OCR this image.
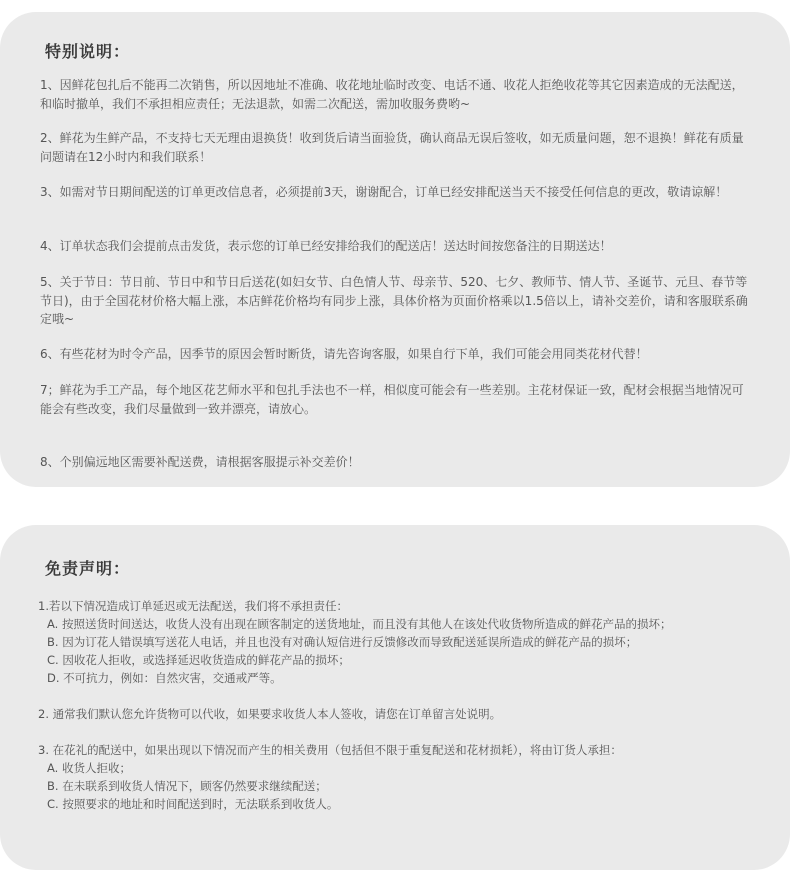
特别说明：

1、因鲜花包扎后不能再二次销售，所以因地址不准确、收花地址临时改变、电话不通、收花人拒绝收花等其它因素造成的无法配送，和临时撤单，我们不承担相应责任；无法退款，如需二次配送，需加收服务费哟~

2、鲜花为生鲜产品，不支持七天无理由退换货！收到货后请当面验货，确认商品无误后签收，如无质量问题，恕不退换！鲜花有质量问题请在12小时内和我们联系！

3、如需对节日期间配送的订单更改信息者，必须提前3天，谢谢配合，订单已经安排配送当天不接受任何信息的更改，敬请谅解！

4、订单状态我们会提前点击发货，表示您的订单已经安排给我们的配送店！送达时间按您备注的日期送达！

5、关于节日：节日前、节日中和节日后送花(如妇女节、白色情人节、母亲节、520、七夕、教师节、情人节、圣诞节、元旦、春节等节日)，由于全国花材价格大幅上涨，本店鲜花价格均有同步上涨，具体价格为页面价格乘以1.5倍以上，请补交差价，请和客服联系确定哦~

6、有些花材为时令产品，因季节的原因会暂时断货，请先咨询客服，如果自行下单，我们可能会用同类花材代替！

7；鲜花为手工产品，每个地区花艺师水平和包扎手法也不一样，相似度可能会有一些差别。主花材保证一致，配材会根据当地情况可能会有些改变，我们尽量做到一致并漂亮，请放心。

8、个别偏远地区需要补配送费，请根据客服提示补交差价！

免责声明：
1.若以下情况造成订单延迟或无法配送，我们将不承担责任：
A. 按照送货时间送达，收货人没有出现在顾客制定的送货地址，而且没有其他人在该处代收货物所造成的鲜花产品的损坏；
B. 因为订花人错误填写送花人电话，并且也没有对确认短信进行反馈修改而导致配送延误所造成的鲜花产品的损坏；
C. 因收花人拒收，或选择延迟收货造成的鲜花产品的损坏；
D. 不可抗力，例如：自然灾害，交通戒严等。
2. 通常我们默认您允许货物可以代收，如果要求收货人本人签收，请您在订单留言处说明。
3. 在花礼的配送中，如果出现以下情况而产生的相关费用（包括但不限于重复配送和花材损耗），将由订货人承担：
A. 收货人拒收；
B. 在未联系到收货人情况下，顾客仍然要求继续配送；
C. 按照要求的地址和时间配送到时，无法联系到收货人。
